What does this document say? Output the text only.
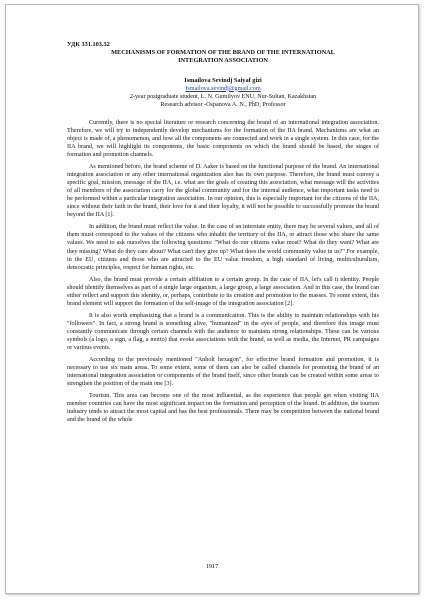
УДК 331.103.32

MECHANISMS OF FORMATION OF THE BRAND OF THE INTERNATIONAL
INTEGRATION ASSOCIATION
Ismailova Sevindj Saiyaf gizi
Ismailova.sevindj@gmail.com
2-year postgraduate student, L. N. Gumilyov ENU, Nur-Sultan, Kazakhstan
Research advisor -Ospanova A. N., PhD, Professor

Currently, there is no special literature or research concerning the brand of an international integration association. Therefore, we will try to independently develop mechanisms for the formation of the IIA brand. Mechanisms are what an object is made of, a phenomenon, and how all the components are connected and work in a single system. In this case, for the IIA brand, we will highlight its components, the basic components on which the brand should be based, the stages of formation and promotion channels.

As mentioned before, the brand scheme of D. Aaker is based on the functional purpose of the brand. An international integration association or any other international organization also has its own purpose. Therefore, the brand must convey a specific goal, mission, message of the IIA, i.e. what are the goals of creating this association, what message will the activities of all members of the association carry for the global community and for the internal audience, what important tasks need to be performed within a particular integration association. In our opinion, this is especially important for the citizens of the IIA, since without their faith in the brand, their love for it and their loyalty, it will not be possible to successfully promote the brand beyond the IIA [1].

In addition, the brand must reflect the value. In the case of an interstate entity, there may be several values, and all of them must correspond to the values of the citizens who inhabit the territory of the IIA, or attract those who share the same values. We need to ask ourselves the following questions: "What do our citizens value most? What do they want? What are they missing? What do they care about? What can't they give up? What does the world community value in us?" For example, in the EU, citizens and those who are attracted to the EU value freedom, a high standard of living, multiculturalism, democratic principles, respect for human rights, etc.

Also, the brand must provide a certain affiliation to a certain group. In the case of IIA, let's call it identity. People should identify themselves as part of a single large organism, a large group, a large association. And in this case, the brand can either reflect and support this identity, or, perhaps, contribute to its creation and promotion to the masses. To some extent, this brand element will support the formation of the self-image of the integration association [2].

It is also worth emphasizing that a brand is a communication. This is the ability to maintain relationships with his "followers". In fact, a strong brand is something alive, "humanized" in the eyes of people, and therefore this image must constantly communicate through certain channels with the audience to maintain strong relationships. These can be various symbols (a logo, a sign, a flag, a motto) that evoke associations with the brand, as well as media, the Internet, PR campaigns or various events.

According to the previously mentioned "Anholt hexagon", for effective brand formation and promotion, it is necessary to use six main areas. To some extent, some of them can also be called channels for promoting the brand of an international integration association or components of the brand itself, since other brands can be created within some areas to strengthen the position of the main one [3].

Tourism. This area can become one of the most influential, as the experience that people get when visiting IIA member countries can have the most significant impact on the formation and perception of the brand. In addition, the tourism industry tends to attract the most capital and has the best professionals. There may be competition between the national brand and the brand of the whole

1917
